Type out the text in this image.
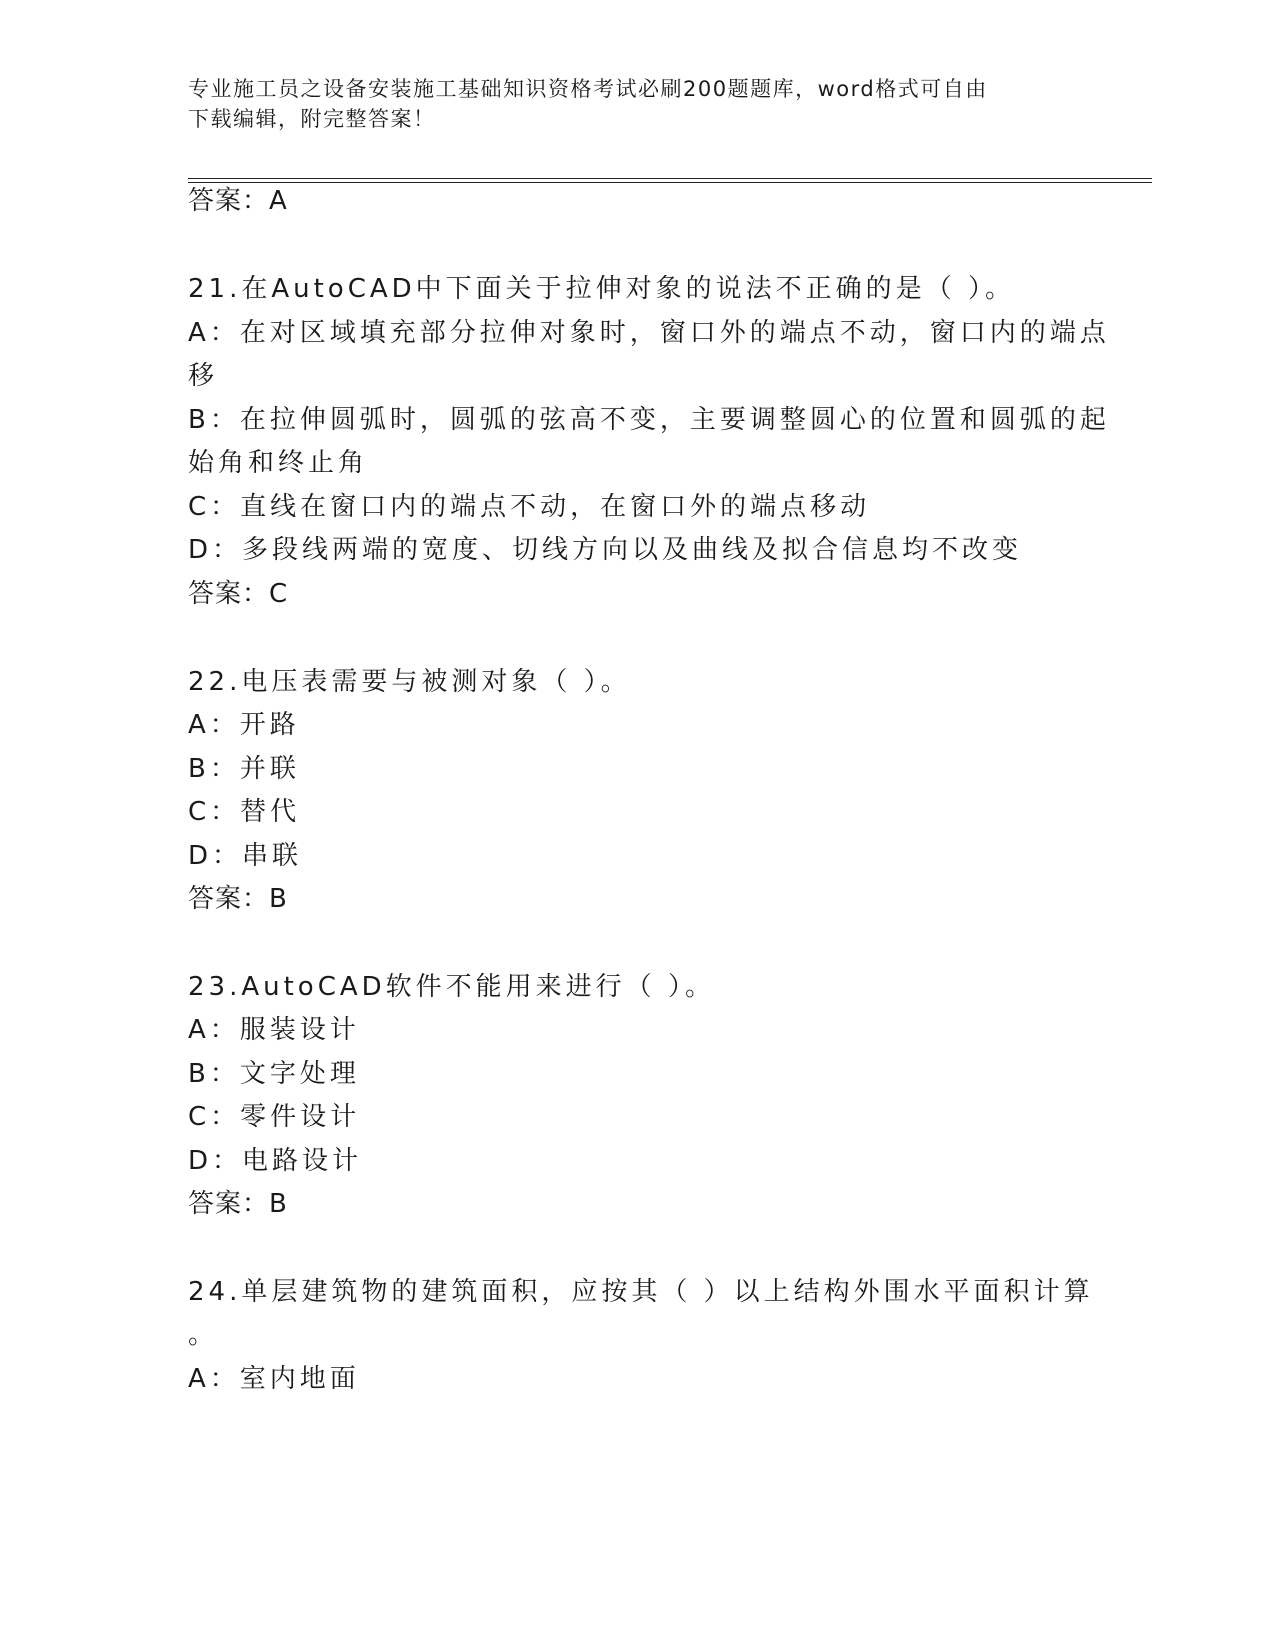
专业施工员之设备安装施工基础知识资格考试必刷200题题库，word格式可自由
下载编辑，附完整答案！
答案：A
21.在AutoCAD中下面关于拉伸对象的说法不正确的是（ ）。
A：在对区域填充部分拉伸对象时，窗口外的端点不动，窗口内的端点
移
B：在拉伸圆弧时，圆弧的弦高不变，主要调整圆心的位置和圆弧的起
始角和终止角
C：直线在窗口内的端点不动，在窗口外的端点移动
D：多段线两端的宽度、切线方向以及曲线及拟合信息均不改变
答案：C
22.电压表需要与被测对象（ ）。
A：开路
B：并联
C：替代
D：串联
答案：B
23.AutoCAD软件不能用来进行（ ）。
A：服装设计
B：文字处理
C：零件设计
D：电路设计
答案：B
24.单层建筑物的建筑面积，应按其（ ）以上结构外围水平面积计算
。
A：室内地面
